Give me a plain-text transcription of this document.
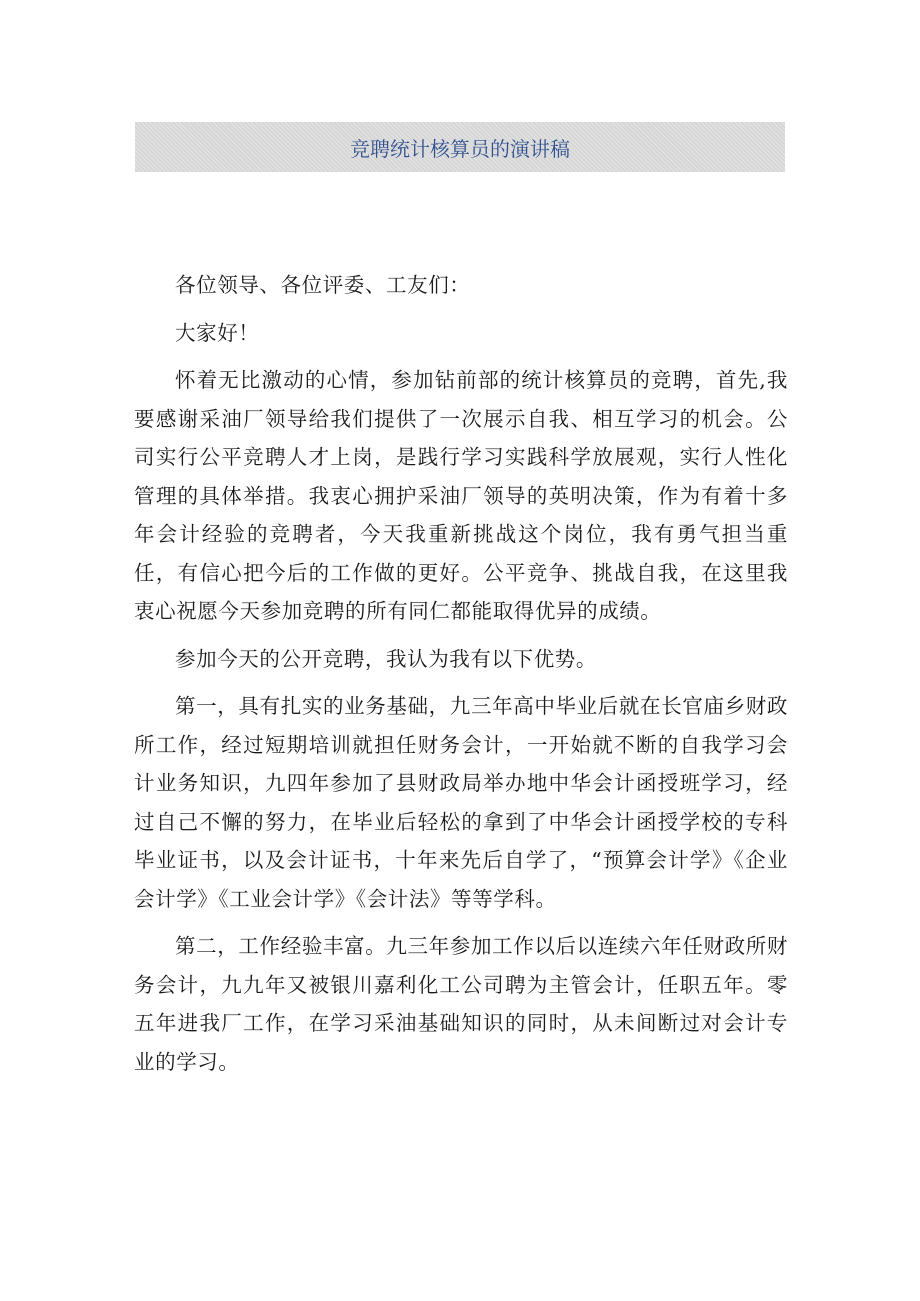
竞聘统计核算员的演讲稿

各位领导、各位评委、工友们：

大家好！

怀着无比激动的心情，参加钻前部的统计核算员的竞聘，首先,我要感谢采油厂领导给我们提供了一次展示自我、相互学习的机会。公司实行公平竞聘人才上岗，是践行学习实践科学放展观，实行人性化管理的具体举措。我衷心拥护采油厂领导的英明决策，作为有着十多年会计经验的竞聘者，今天我重新挑战这个岗位，我有勇气担当重任，有信心把今后的工作做的更好。公平竞争、挑战自我，在这里我衷心祝愿今天参加竞聘的所有同仁都能取得优异的成绩。

参加今天的公开竞聘，我认为我有以下优势。

第一，具有扎实的业务基础，九三年高中毕业后就在长官庙乡财政所工作，经过短期培训就担任财务会计，一开始就不断的自我学习会计业务知识，九四年参加了县财政局举办地中华会计函授班学习，经过自己不懈的努力，在毕业后轻松的拿到了中华会计函授学校的专科毕业证书，以及会计证书，十年来先后自学了，“预算会计学》《企业会计学》《工业会计学》《会计法》等等学科。

第二，工作经验丰富。九三年参加工作以后以连续六年任财政所财务会计，九九年又被银川嘉利化工公司聘为主管会计，任职五年。零五年进我厂工作，在学习采油基础知识的同时，从未间断过对会计专业的学习。
